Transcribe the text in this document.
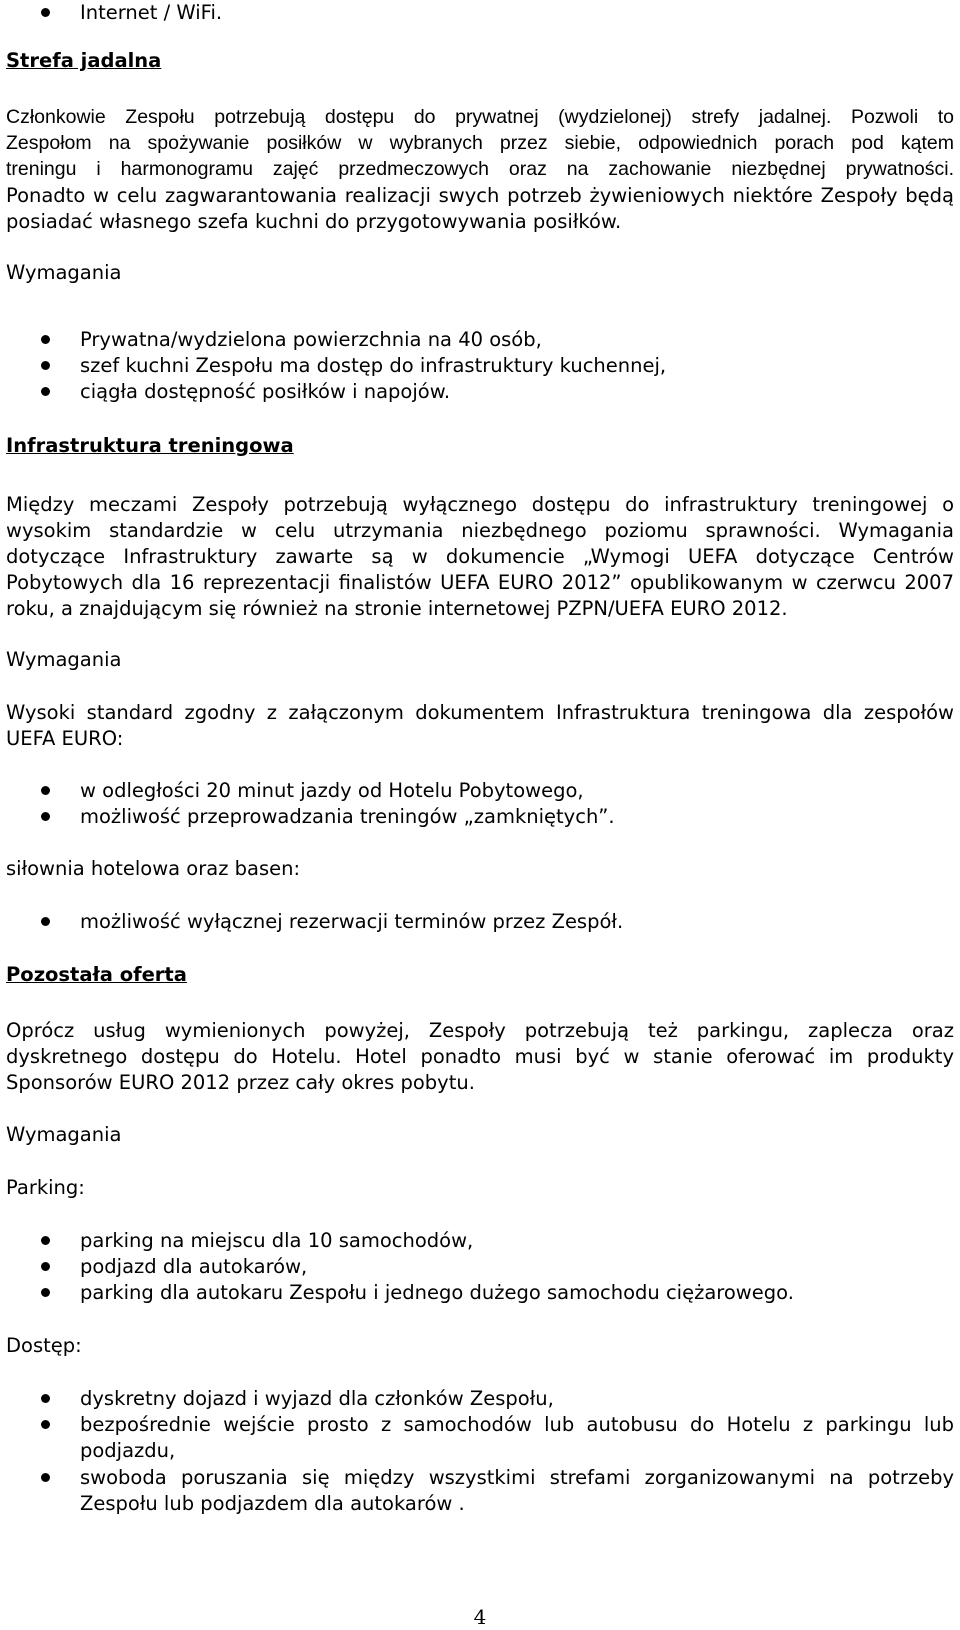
Internet / WiFi.
Strefa jadalna
Członkowie Zespołu potrzebują dostępu do prywatnej (wydzielonej) strefy jadalnej. Pozwoli to
Zespołom na spożywanie posiłków w wybranych przez siebie, odpowiednich porach pod kątem
treningu i harmonogramu zajęć przedmeczowych oraz na zachowanie niezbędnej prywatności.
Ponadto w celu zagwarantowania realizacji swych potrzeb żywieniowych niektóre Zespoły będą
posiadać własnego szefa kuchni do przygotowywania posiłków.
Wymagania
Prywatna/wydzielona powierzchnia na 40 osób,
szef kuchni Zespołu ma dostęp do infrastruktury kuchennej,
ciągła dostępność posiłków i napojów.
Infrastruktura treningowa
Między meczami Zespoły potrzebują wyłącznego dostępu do infrastruktury treningowej o
wysokim standardzie w celu utrzymania niezbędnego poziomu sprawności. Wymagania
dotyczące Infrastruktury zawarte są w dokumencie „Wymogi UEFA dotyczące Centrów
Pobytowych dla 16 reprezentacji finalistów UEFA EURO 2012” opublikowanym w czerwcu 2007
roku, a znajdującym się również na stronie internetowej PZPN/UEFA EURO 2012.
Wymagania
Wysoki standard zgodny z załączonym dokumentem Infrastruktura treningowa dla zespołów
UEFA EURO:
w odległości 20 minut jazdy od Hotelu Pobytowego,
możliwość przeprowadzania treningów „zamkniętych”.
siłownia hotelowa oraz basen:
możliwość wyłącznej rezerwacji terminów przez Zespół.
Pozostała oferta
Oprócz usług wymienionych powyżej, Zespoły potrzebują też parkingu, zaplecza oraz
dyskretnego dostępu do Hotelu. Hotel ponadto musi być w stanie oferować im produkty
Sponsorów EURO 2012 przez cały okres pobytu.
Wymagania
Parking:
parking na miejscu dla 10 samochodów,
podjazd dla autokarów,
parking dla autokaru Zespołu i jednego dużego samochodu ciężarowego.
Dostęp:
dyskretny dojazd i wyjazd dla członków Zespołu,
bezpośrednie wejście prosto z samochodów lub autobusu do Hotelu z parkingu lub
podjazdu,
swoboda poruszania się między wszystkimi strefami zorganizowanymi na potrzeby
Zespołu lub podjazdem dla autokarów .
4
